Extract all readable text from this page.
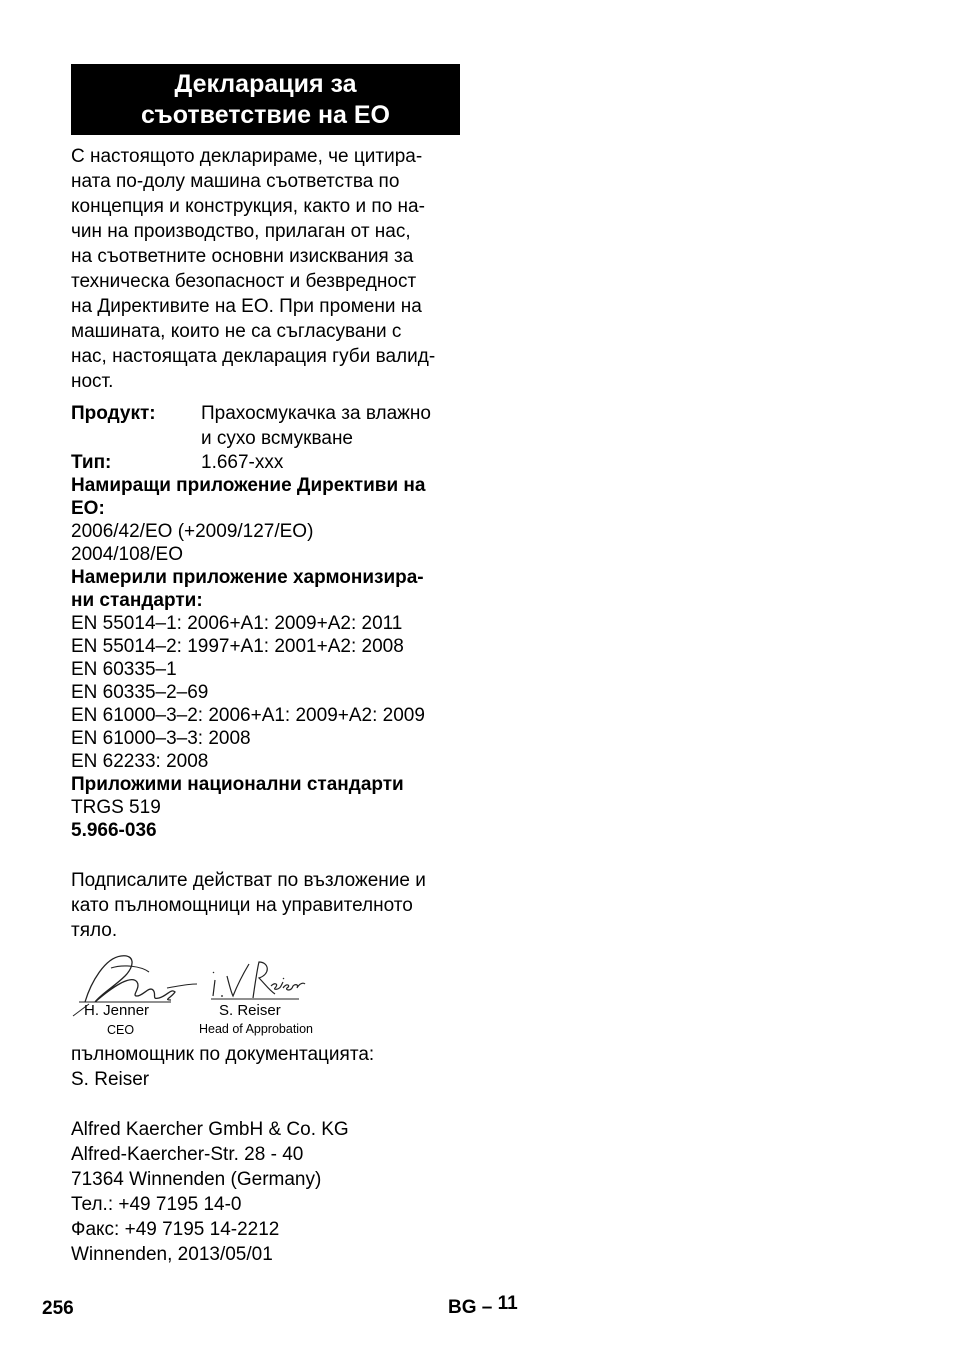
Декларация за
съответствие на ЕО
С настоящото декларираме, че цитира-
ната по-долу машина съответства по
концепция и конструкция, както и по на-
чин на производство, прилаган от нас,
на съответните основни изисквания за
техническа безопасност и безвредност
на Директивите на ЕО. При промени на
машината, които не са съгласувани с
нас, настоящата декларация губи валид-
ност.
Продукт:	Прахосмукачка за влажно
и сухо всмукване
Тип:	1.667-xxx
Намиращи приложение Директиви на
ЕО:
2006/42/EO (+2009/127/EO)
2004/108/EO
Намерили приложение хармонизира-
ни стандарти:
EN 55014–1: 2006+A1: 2009+A2: 2011
EN 55014–2: 1997+A1: 2001+A2: 2008
EN 60335–1
EN 60335–2–69
EN 61000–3–2: 2006+A1: 2009+A2: 2009
EN 61000–3–3: 2008
EN 62233: 2008
Приложими национални стандарти
TRGS 519
5.966-036
Подписалите действат по възложение и
като пълномощници на управителното
тяло.
H. Jenner
CEO
S. Reiser
Head of Approbation
пълномощник по документацията:
S. Reiser
Alfred Kaercher GmbH & Co. KG
Alfred-Kaercher-Str. 28 - 40
71364 Winnenden (Germany)
Тел.: +49 7195 14-0
Факс: +49 7195 14-2212
Winnenden, 2013/05/01
256	BG – 11
